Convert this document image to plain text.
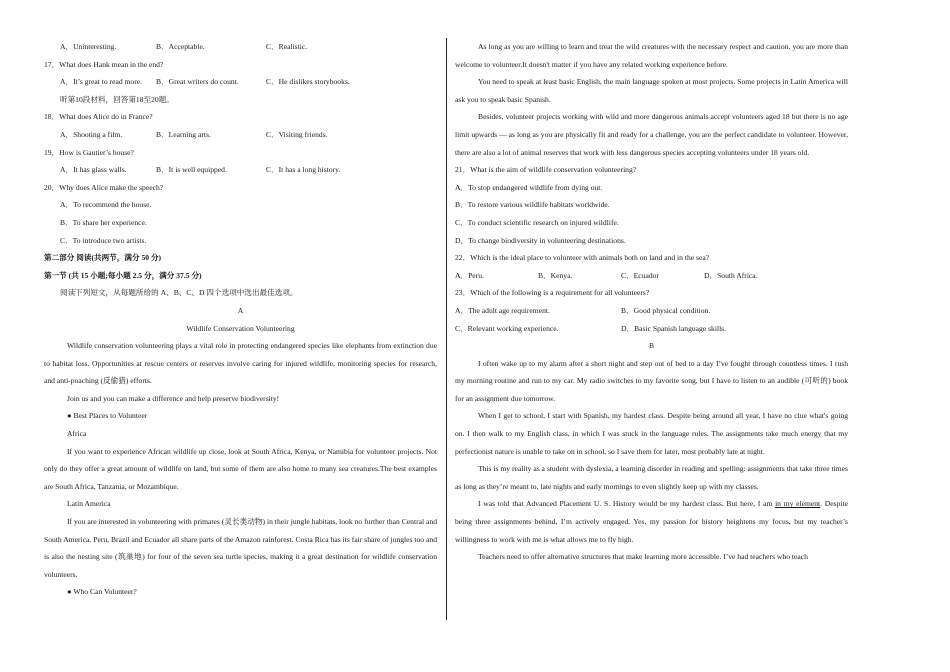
A．Uninteresting.	B．Acceptable.	C．Realistic.
17．What does Hank mean in the end?
A．It’s great to read more. B．Great writers do count.	C．He dislikes storybooks.
听第10段材料，回答第18至20题。
18．What does Alice do in France?
A．Shooting a film.	B．Learning arts.	C．Visiting friends.
19．How is Gautier’s house?
A．It has glass walls.	B．It is well equipped.	C．It has a long history.
20．Why does Alice make the speech?
A．To recommend the house.
B．To share her experience.
C．To introduce two artists.
第二部分 阅读(共两节，满分 50 分)
第一节 (共 15 小题;每小题 2.5 分，满分 37.5 分)
阅读下列短文，从每题所给的 A、B、C、D 四个选项中选出最佳选项。
A
Wildlife Conservation Volunteering

Wildlife conservation volunteering plays a vital role in protecting endangered species like elephants from extinction due to habitat loss. Opportunities at rescue centers or reserves involve caring for injured wildlife, monitoring species for research, and anti-poaching (反偷猎) efforts.

Join us and you can make a difference and help preserve biodiversity!
● Best Places to Volunteer
Africa

If you want to experience African wildlife up close, look at South Africa, Kenya, or Namibia for volunteer projects. Not only do they offer a great amount of wildlife on land, but some of them are also home to many sea creatures.The best examples are South Africa, Tanzania, or Mozambique.

Latin America

If you are interested in volunteering with primates (灵长类动物) in their jungle habitats, look no further than Central and South America. Peru, Brazil and Ecuador all share parts of the Amazon rainforest. Costa Rica has its fair share of jungles too and is also the nesting site (筑巢地) for four of the seven sea turtle species, making it a great destination for wildlife conservation volunteers.

● Who Can Volunteer?

As long as you are willing to learn and treat the wild creatures with the necessary respect and caution, you are more than welcome to volunteer.It doesn't matter if you have any related working experience before.

You need to speak at least basic English, the main language spoken at most projects. Some projects in Latin America will ask you to speak basic Spanish.

Besides, volunteer projects working with wild and more dangerous animals accept volunteers aged 18 but there is no age limit upwards — as long as you are physically fit and ready for a challenge, you are the perfect candidate to volunteer. However, there are also a lot of animal reserves that work with less dangerous species accepting volunteers under 18 years old.

21．What is the aim of wildlife conservation volunteering?
A．To stop endangered wildlife from dying out.
B．To restore various wildlife habitats worldwide.
C．To conduct scientific research on injured wildlife.
D．To change biodiversity in volunteering destinations.
22．Which is the ideal place to volunteer with animals both on land and in the sea?
A．Peru.	B．Kenya.	C．Ecuador	D．South Africa.
23．Which of the following is a requirement for all volunteers?
A．The adult age requirement.	B．Good physical condition.
C．Relevant working experience.	D．Basic Spanish language skills.
B

I often wake up to my alarm after a short night and step out of bed to a day I’ve fought through countless times. I rush my morning routine and run to my car. My radio switches to my favorite song, but I have to listen to an audible (可听的) book for an assignment due tomorrow.

When I get to school, I start with Spanish, my hardest class. Despite being around all year, I have no clue what's going on. I then walk to my English class, in which I was stuck in the language rules. The assignments take much energy that my perfectionist nature is unable to take on in school, so I save them for later, most probably late at night.

This is my reality as a student with dyslexia, a learning disorder in reading and spelling: assignments that take three times as long as they’re meant to, late nights and early mornings to even slightly keep up with my classes.

I was told that Advanced Placement U. S. History would be my hardest class. But here, I am in my element. Despite being three assignments behind, I’m actively engaged. Yes, my passion for history heightens my focus, but my teacher’s willingness to work with me is what allows me to fly high.

Teachers need to offer alternative structures that make learning more accessible. I’ve had teachers who teach
